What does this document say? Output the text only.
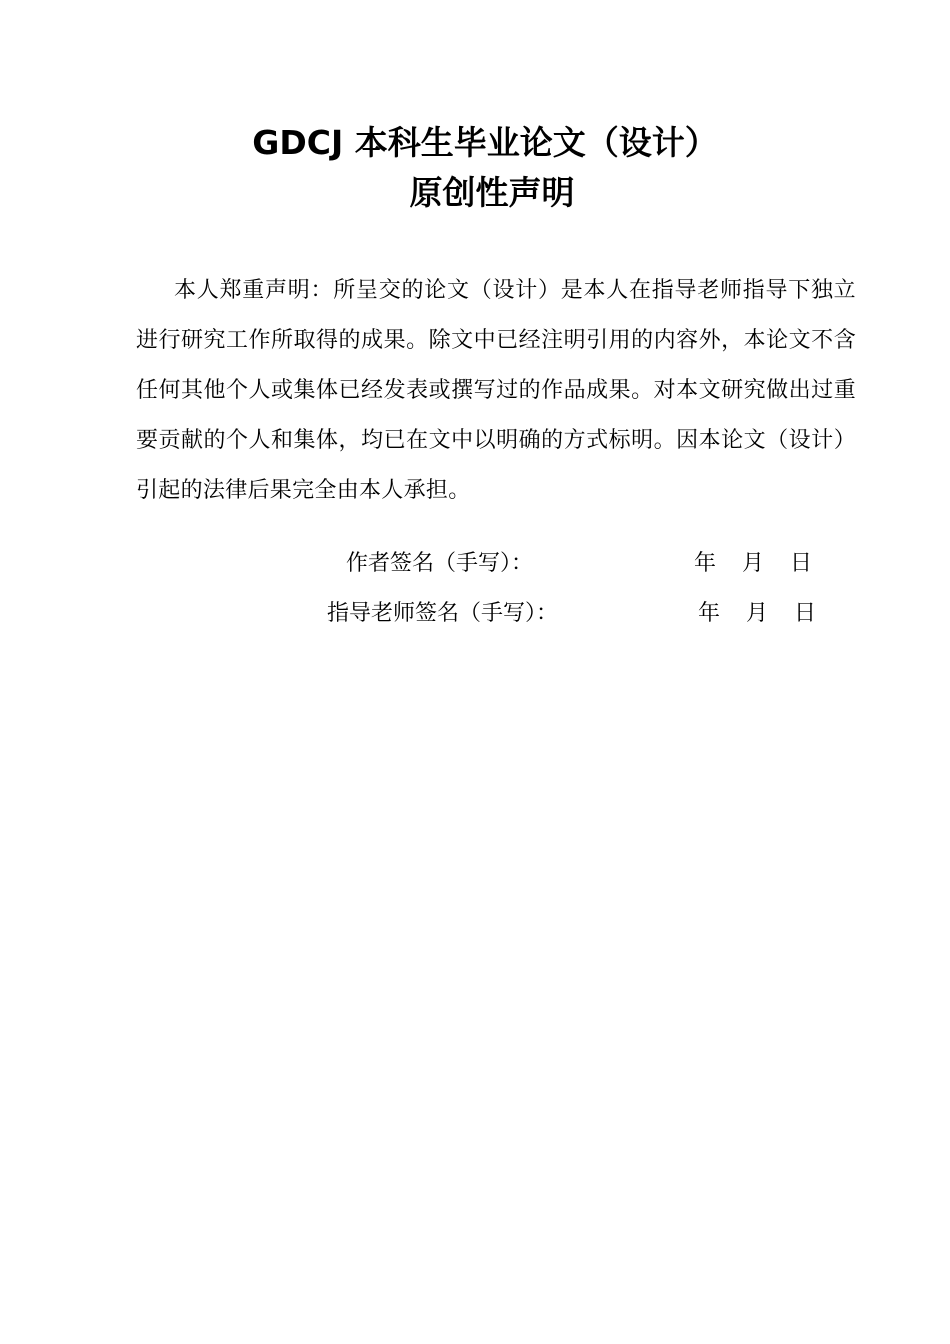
GDCJ 本科生毕业论文（设计）
原创性声明
本人郑重声明：所呈交的论文（设计）是本人在指导老师指导下独立进行研究工作所取得的成果。除文中已经注明引用的内容外，本论文不含任何其他个人或集体已经发表或撰写过的作品成果。对本文研究做出过重要贡献的个人和集体，均已在文中以明确的方式标明。因本论文（设计）引起的法律后果完全由本人承担。
作者签名（手写）：	年 月 日
指导老师签名（手写）：	年 月 日
